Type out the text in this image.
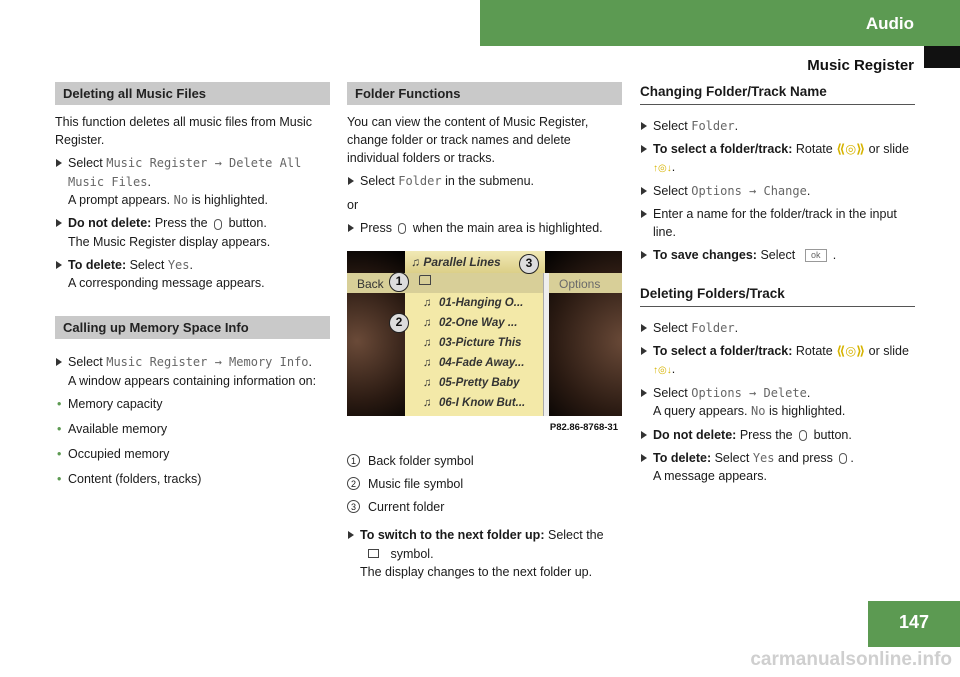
Audio
Music Register
Deleting all Music Files

This function deletes all music files from Music Register.

Select Music Register → Delete All Music Files.
A prompt appears. No is highlighted.
Do not delete: Press the button.
The Music Register display appears.
To delete: Select Yes.
A corresponding message appears.
Calling up Memory Space Info
Select Music Register → Memory Info.
A window appears containing information on:
• Memory capacity
• Available memory
• Occupied memory
• Content (folders, tracks)
Folder Functions

You can view the content of Music Register, change folder or track names and delete individual folders or tracks.

Select Folder in the submenu.

or

Press when the main area is highlighted.
♫ Parallel Lines
Back	Options
♫ 01-Hanging O...
♫ 02-One Way ...
♫ 03-Picture This
♫ 04-Fade Away...
♫ 05-Pretty Baby
♫ 06-I Know But...
P82.86-8768-31
1
2
3
1 Back folder symbol
2 Music file symbol
3 Current folder
To switch to the next folder up: Select the  symbol.
The display changes to the next folder up.
Changing Folder/Track Name
Select Folder.
To select a folder/track: Rotate ⟪◎⟫ or slide ↑◎↓.
Select Options → Change.
Enter a name for the folder/track in the input line.
To save changes: Select ok .
Deleting Folders/Track
Select Folder.
To select a folder/track: Rotate ⟪◎⟫ or slide ↑◎↓.
Select Options → Delete.
A query appears. No is highlighted.
Do not delete: Press the button.
To delete: Select Yes and press .
A message appears.
147
carmanualsonline.info
